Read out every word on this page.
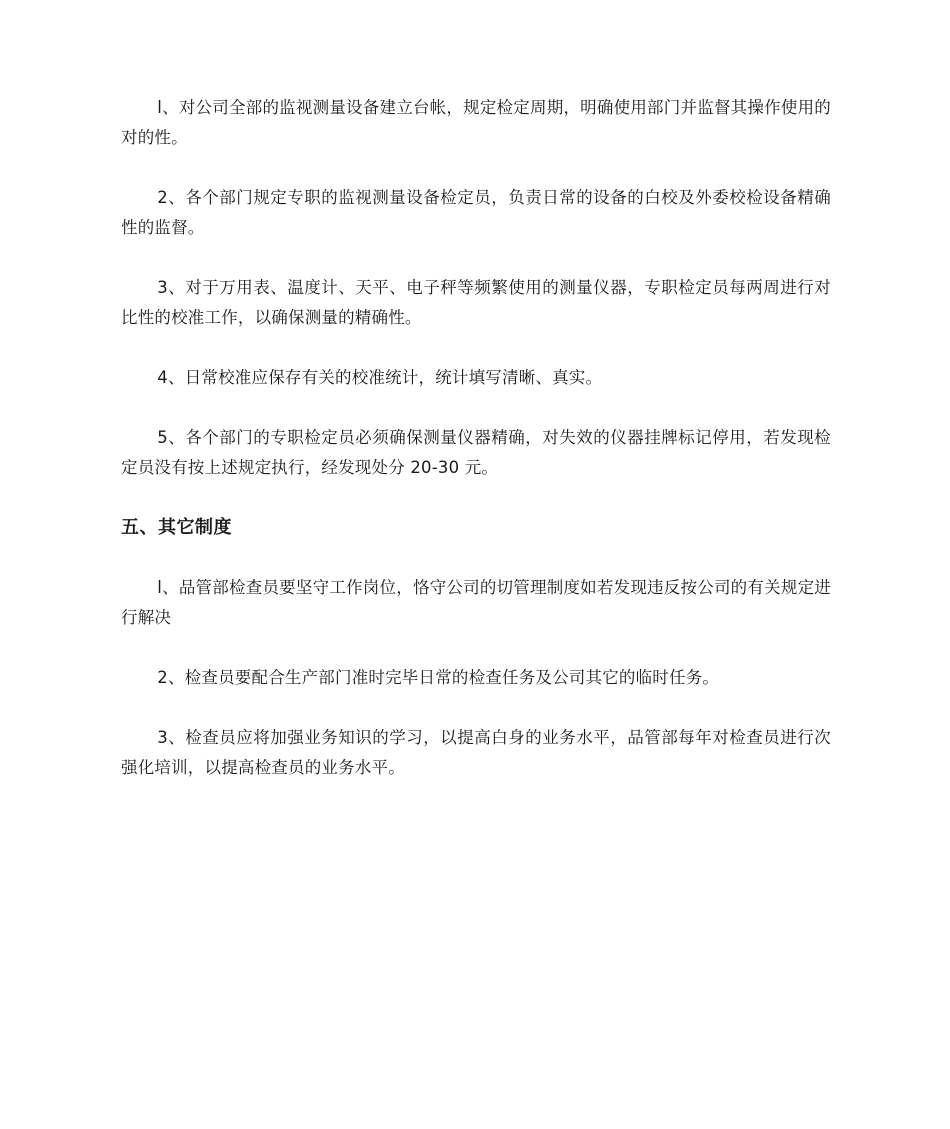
l、对公司全部的监视测量设备建立台帐，规定检定周期，明确使用部门并监督其操作使用的对的性。

2、各个部门规定专职的监视测量设备检定员，负责日常的设备的白校及外委校检设备精确性的监督。

3、对于万用表、温度计、天平、电子秤等频繁使用的测量仪器，专职检定员每两周进行对比性的校准工作，以确保测量的精确性。

4、日常校准应保存有关的校准统计，统计填写清晰、真实。

5、各个部门的专职检定员必须确保测量仪器精确，对失效的仪器挂牌标记停用，若发现检定员没有按上述规定执行，经发现处分 20-30 元。

五、其它制度

l、品管部检查员要坚守工作岗位，恪守公司的切管理制度如若发现违反按公司的有关规定进行解决

2、检查员要配合生产部门准时完毕日常的检查任务及公司其它的临时任务。

3、检查员应将加强业务知识的学习，以提高白身的业务水平，品管部每年对检查员进行次强化培训，以提高检查员的业务水平。
